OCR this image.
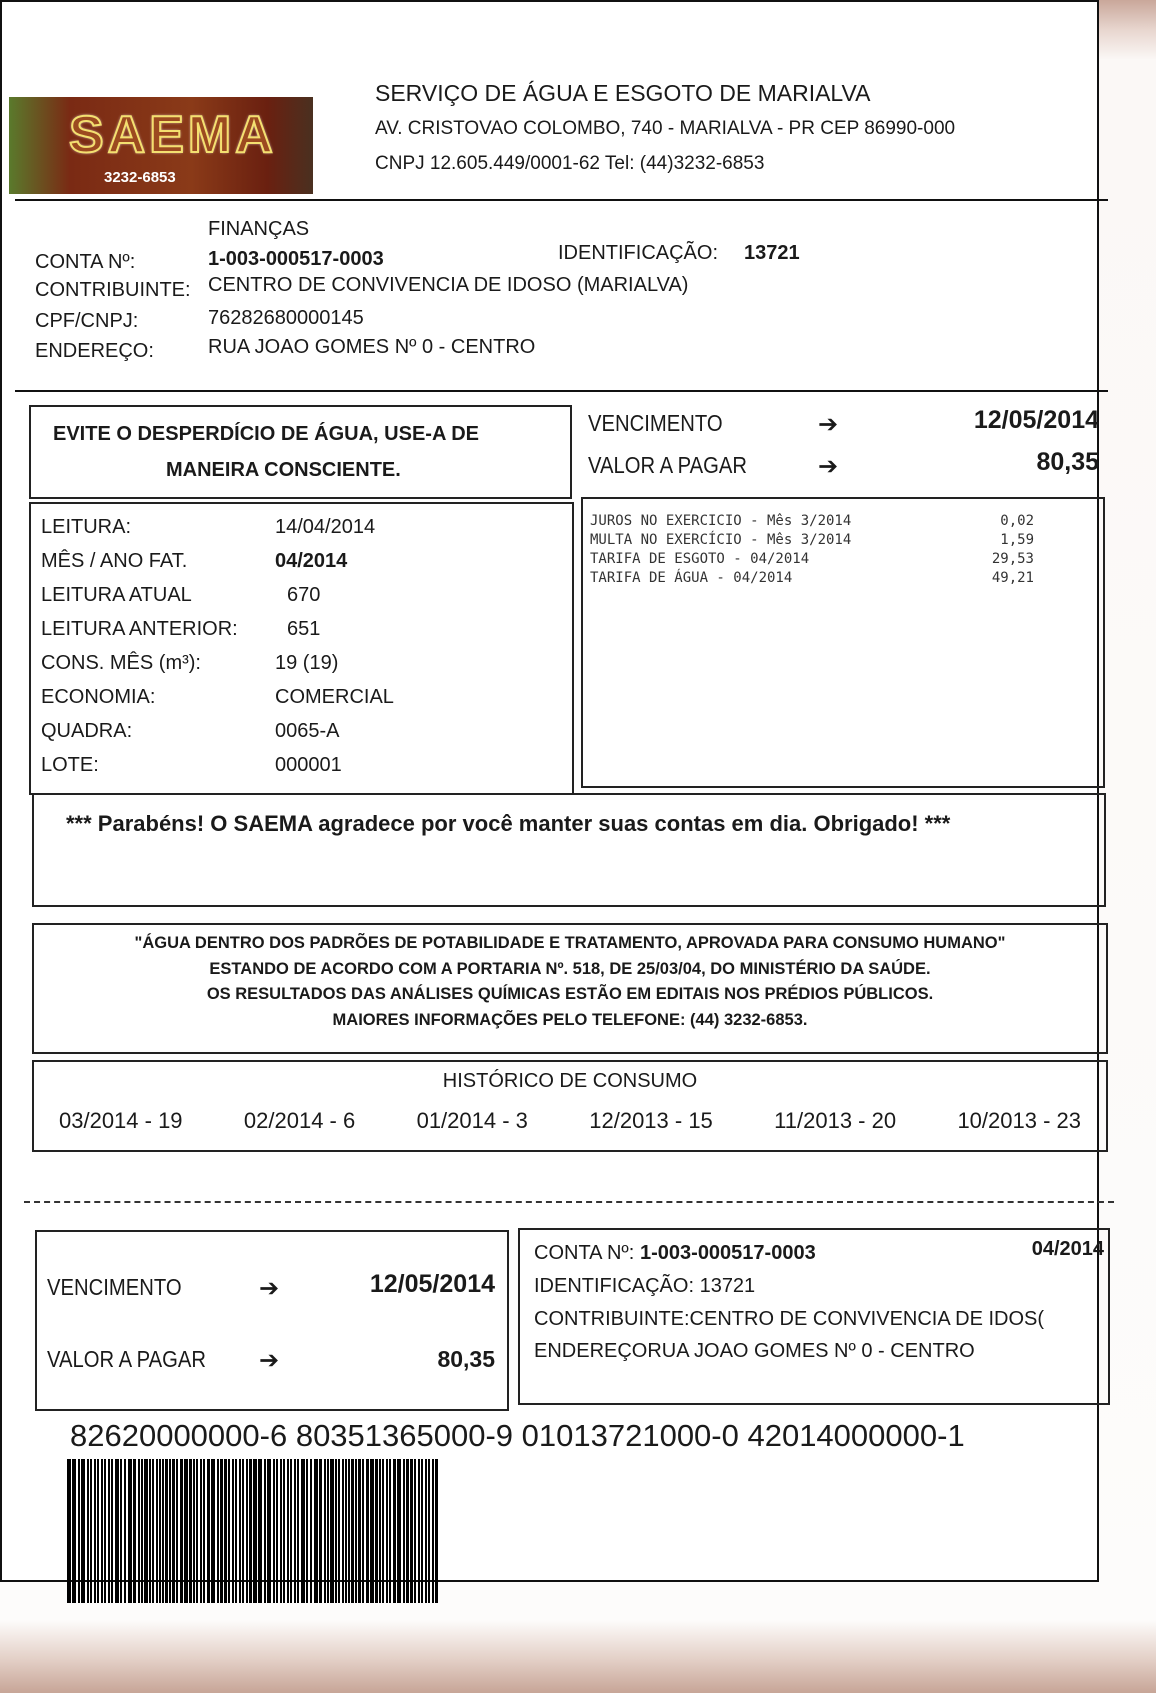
SAEMA
3232-6853
SERVIÇO DE ÁGUA E ESGOTO DE MARIALVA
AV. CRISTOVAO COLOMBO, 740 - MARIALVA - PR CEP 86990-000
CNPJ 12.605.449/0001-62 Tel: (44)3232-6853
FINANÇAS
CONTA Nº:	1-003-000517-0003	IDENTIFICAÇÃO: 13721
CONTRIBUINTE: CENTRO DE CONVIVENCIA DE IDOSO (MARIALVA)
CPF/CNPJ:	76282680000145
ENDEREÇO:	RUA JOAO GOMES Nº 0 - CENTRO
EVITE O DESPERDÍCIO DE ÁGUA, USE-A DE
MANEIRA CONSCIENTE.
VENCIMENTO	➔	12/05/2014
VALOR A PAGAR	➔	80,35
LEITURA:	14/04/2014
MÊS / ANO FAT.	04/2014
LEITURA ATUAL	670
LEITURA ANTERIOR: 651
CONS. MÊS (m³):	19 (19)
ECONOMIA:	COMERCIAL
QUADRA:	0065-A
LOTE:	000001
JUROS NO EXERCICIO - Mês 3/2014	0,02
MULTA NO EXERCÍCIO - Mês 3/2014	1,59
TARIFA DE ESGOTO - 04/2014	29,53
TARIFA DE ÁGUA - 04/2014	49,21
*** Parabéns! O SAEMA agradece por você manter suas contas em dia. Obrigado! ***
"ÁGUA DENTRO DOS PADRÕES DE POTABILIDADE E TRATAMENTO, APROVADA PARA CONSUMO HUMANO"
ESTANDO DE ACORDO COM A PORTARIA Nº. 518, DE 25/03/04, DO MINISTÉRIO DA SAÚDE.
OS RESULTADOS DAS ANÁLISES QUÍMICAS ESTÃO EM EDITAIS NOS PRÉDIOS PÚBLICOS.
MAIORES INFORMAÇÕES PELO TELEFONE: (44) 3232-6853.
HISTÓRICO DE CONSUMO
03/2014 - 19	02/2014 - 6	01/2014 - 3	12/2013 - 15	11/2013 - 20	10/2013 - 23
VENCIMENTO	➔	12/05/2014
VALOR A PAGAR ➔	80,35
CONTA Nº: 1-003-000517-0003	04/2014
IDENTIFICAÇÃO: 13721
CONTRIBUINTE:CENTRO DE CONVIVENCIA DE IDOS(
ENDEREÇORUA JOAO GOMES Nº 0 - CENTRO
82620000000-6 80351365000-9 01013721000-0 42014000000-1
